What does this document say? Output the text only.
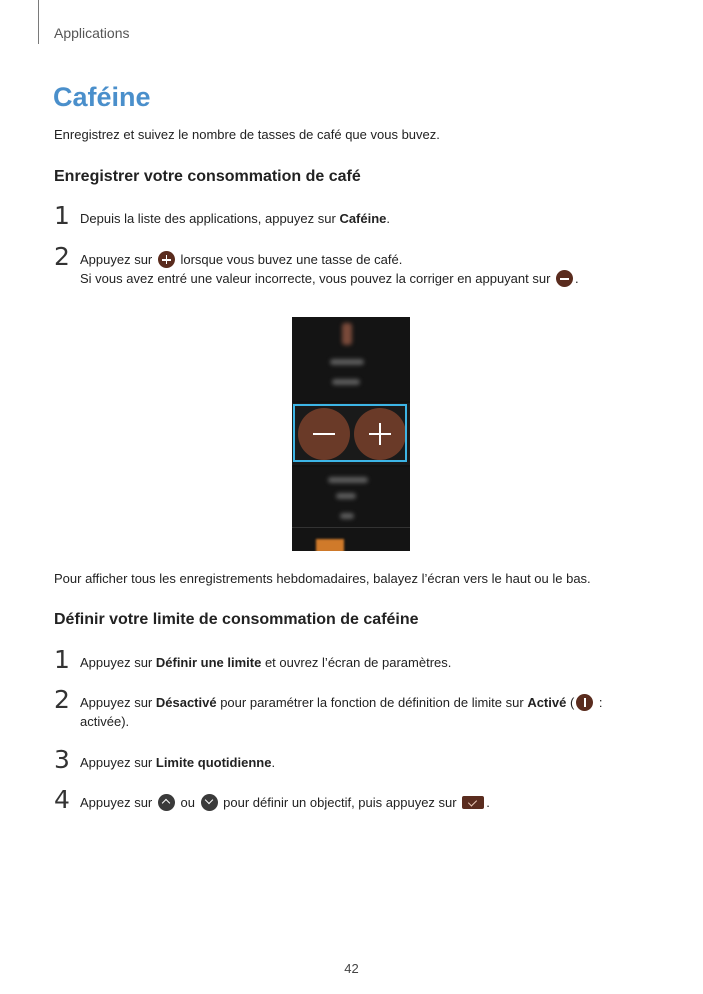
Applications
Caféine
Enregistrez et suivez le nombre de tasses de café que vous buvez.
Enregistrer votre consommation de café
1 Depuis la liste des applications, appuyez sur Caféine.
2 Appuyez sur  lorsque vous buvez une tasse de café.
Si vous avez entré une valeur incorrecte, vous pouvez la corriger en appuyant sur .
Pour afficher tous les enregistrements hebdomadaires, balayez l’écran vers le haut ou le bas.
Définir votre limite de consommation de caféine
1 Appuyez sur Définir une limite et ouvrez l’écran de paramètres.
2 Appuyez sur Désactivé pour paramétrer la fonction de définition de limite sur Activé ( :
activée).
3 Appuyez sur Limite quotidienne.
4 Appuyez sur  ou  pour définir un objectif, puis appuyez sur .
42
